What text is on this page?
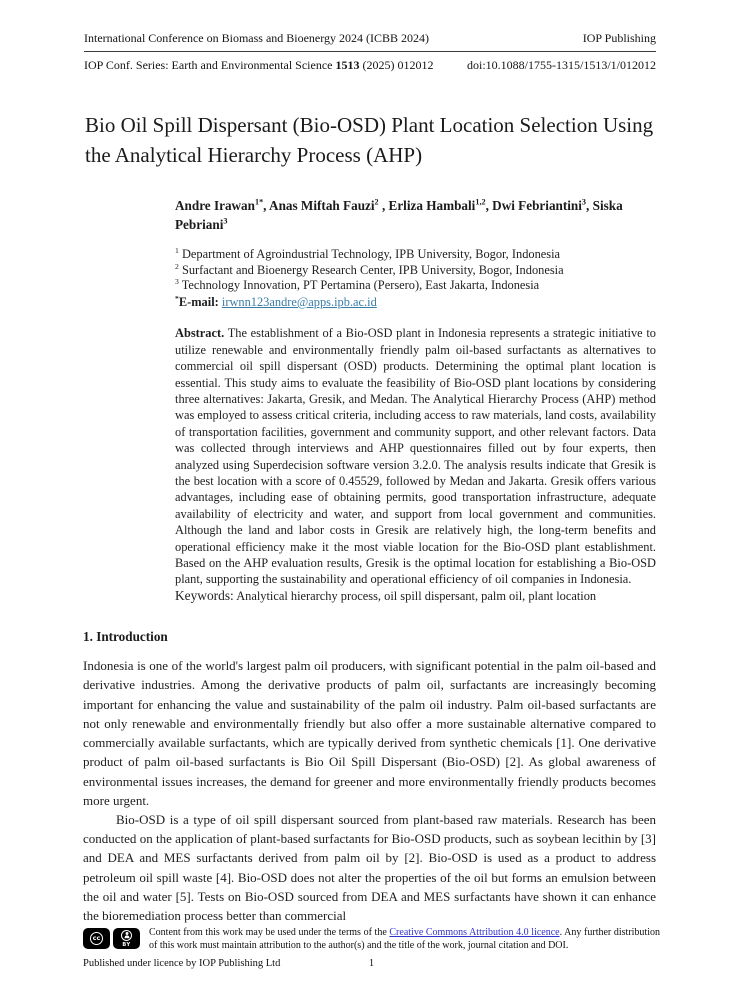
International Conference on Biomass and Bioenergy 2024 (ICBB 2024)	IOP Publishing
IOP Conf. Series: Earth and Environmental Science 1513 (2025) 012012	doi:10.1088/1755-1315/1513/1/012012
Bio Oil Spill Dispersant (Bio-OSD) Plant Location Selection Using the Analytical Hierarchy Process (AHP)
Andre Irawan$^{1*}$, Anas Miftah Fauzi$^2$ , Erliza Hambali$^{1,2}$, Dwi Febriantini$^3$, Siska Pebriani$^3$
$^1$ Department of Agroindustrial Technology, IPB University, Bogor, Indonesia
$^2$ Surfactant and Bioenergy Research Center, IPB University, Bogor, Indonesia
$^3$ Technology Innovation, PT Pertamina (Persero), East Jakarta, Indonesia
*E-mail: irwnn123andre@apps.ipb.ac.id
Abstract. The establishment of a Bio-OSD plant in Indonesia represents a strategic initiative to utilize renewable and environmentally friendly palm oil-based surfactants as alternatives to commercial oil spill dispersant (OSD) products. Determining the optimal plant location is essential. This study aims to evaluate the feasibility of Bio-OSD plant locations by considering three alternatives: Jakarta, Gresik, and Medan. The Analytical Hierarchy Process (AHP) method was employed to assess critical criteria, including access to raw materials, land costs, availability of transportation facilities, government and community support, and other relevant factors. Data was collected through interviews and AHP questionnaires filled out by four experts, then analyzed using Superdecision software version 3.2.0. The analysis results indicate that Gresik is the best location with a score of 0.45529, followed by Medan and Jakarta. Gresik offers various advantages, including ease of obtaining permits, good transportation infrastructure, adequate availability of electricity and water, and support from local government and communities. Although the land and labor costs in Gresik are relatively high, the long-term benefits and operational efficiency make it the most viable location for the Bio-OSD plant establishment. Based on the AHP evaluation results, Gresik is the optimal location for establishing a Bio-OSD plant, supporting the sustainability and operational efficiency of oil companies in Indonesia.
Keywords: Analytical hierarchy process, oil spill dispersant, palm oil, plant location
1. Introduction

Indonesia is one of the world's largest palm oil producers, with significant potential in the palm oil-based and derivative industries. Among the derivative products of palm oil, surfactants are increasingly becoming important for enhancing the value and sustainability of the palm oil industry. Palm oil-based surfactants are not only renewable and environmentally friendly but also offer a more sustainable alternative compared to commercially available surfactants, which are typically derived from synthetic chemicals [1]. One derivative product of palm oil-based surfactants is Bio Oil Spill Dispersant (Bio-OSD) [2]. As global awareness of environmental issues increases, the demand for greener and more environmentally friendly products becomes more urgent.

Bio-OSD is a type of oil spill dispersant sourced from plant-based raw materials. Research has been conducted on the application of plant-based surfactants for Bio-OSD products, such as soybean lecithin by [3] and DEA and MES surfactants derived from palm oil by [2]. Bio-OSD is used as a product to address petroleum oil spill waste [4]. Bio-OSD does not alter the properties of the oil but forms an emulsion between the oil and water [5]. Tests on Bio-OSD sourced from DEA and MES surfactants have shown it can enhance the bioremediation process better than commercial

cc
BY
Content from this work may be used under the terms of the Creative Commons Attribution 4.0 licence. Any further distribution of this work must maintain attribution to the author(s) and the title of the work, journal citation and DOI.
Published under licence by IOP Publishing Ltd	1
